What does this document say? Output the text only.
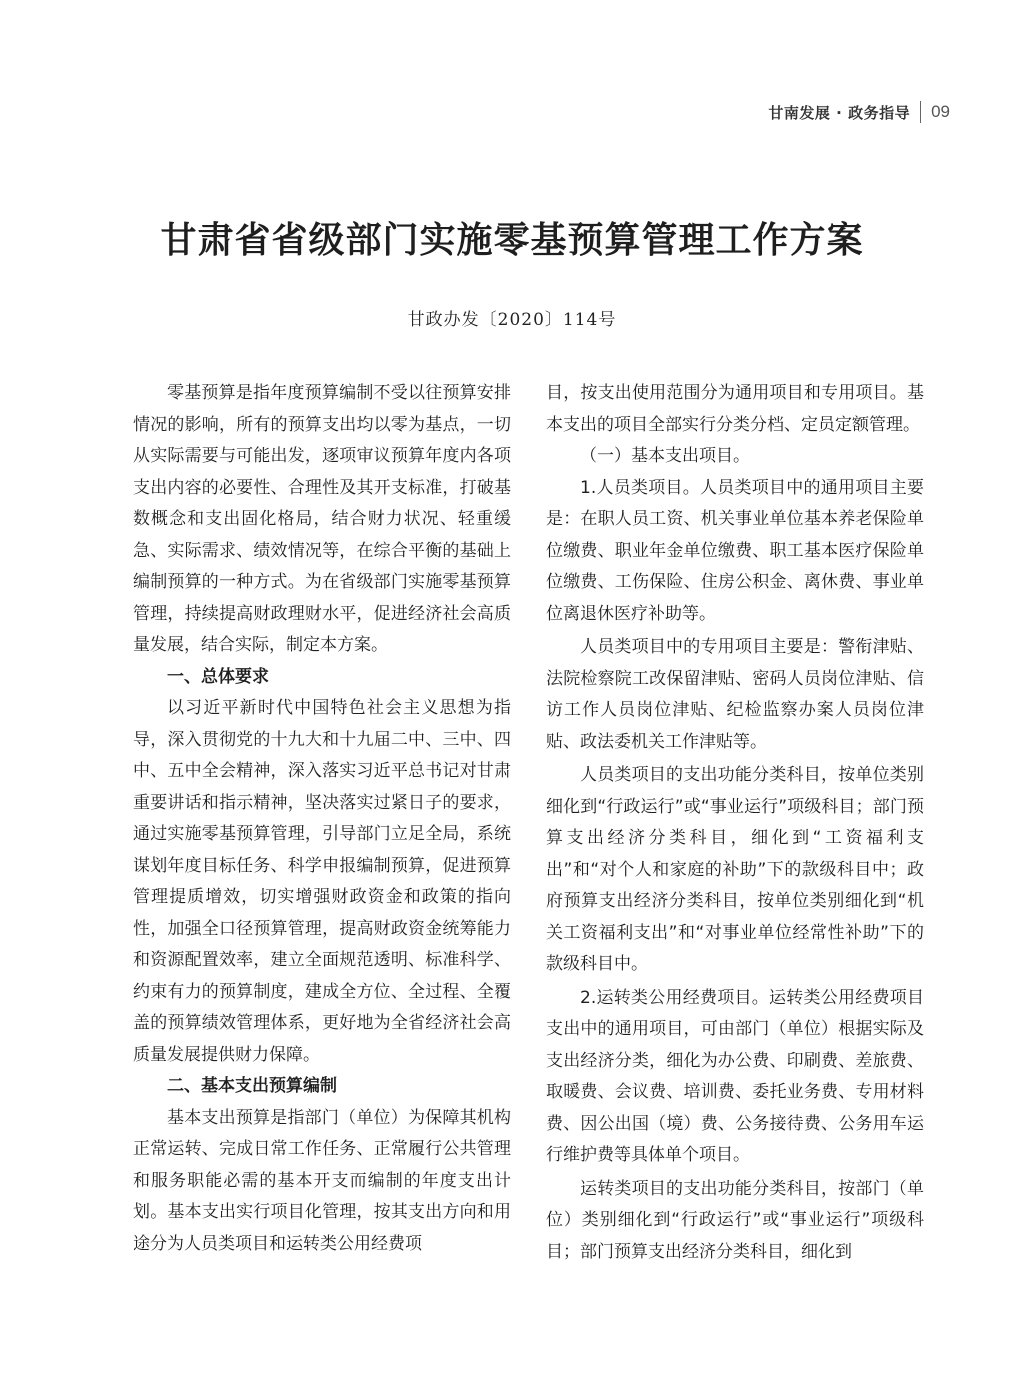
甘南发展 · 政务指导 09
甘肃省省级部门实施零基预算管理工作方案
甘政办发〔2020〕114号

零基预算是指年度预算编制不受以往预算安排情况的影响，所有的预算支出均以零为基点，一切从实际需要与可能出发，逐项审议预算年度内各项支出内容的必要性、合理性及其开支标准，打破基数概念和支出固化格局，结合财力状况、轻重缓急、实际需求、绩效情况等，在综合平衡的基础上编制预算的一种方式。为在省级部门实施零基预算管理，持续提高财政理财水平，促进经济社会高质量发展，结合实际，制定本方案。

一、总体要求

以习近平新时代中国特色社会主义思想为指导，深入贯彻党的十九大和十九届二中、三中、四中、五中全会精神，深入落实习近平总书记对甘肃重要讲话和指示精神，坚决落实过紧日子的要求，通过实施零基预算管理，引导部门立足全局，系统谋划年度目标任务、科学申报编制预算，促进预算管理提质增效，切实增强财政资金和政策的指向性，加强全口径预算管理，提高财政资金统筹能力和资源配置效率，建立全面规范透明、标准科学、约束有力的预算制度，建成全方位、全过程、全覆盖的预算绩效管理体系，更好地为全省经济社会高质量发展提供财力保障。

二、基本支出预算编制

基本支出预算是指部门（单位）为保障其机构正常运转、完成日常工作任务、正常履行公共管理和服务职能必需的基本开支而编制的年度支出计划。基本支出实行项目化管理，按其支出方向和用途分为人员类项目和运转类公用经费项

目，按支出使用范围分为通用项目和专用项目。基本支出的项目全部实行分类分档、定员定额管理。

（一）基本支出项目。

1.人员类项目。人员类项目中的通用项目主要是：在职人员工资、机关事业单位基本养老保险单位缴费、职业年金单位缴费、职工基本医疗保险单位缴费、工伤保险、住房公积金、离休费、事业单位离退休医疗补助等。

人员类项目中的专用项目主要是：警衔津贴、法院检察院工改保留津贴、密码人员岗位津贴、信访工作人员岗位津贴、纪检监察办案人员岗位津贴、政法委机关工作津贴等。

人员类项目的支出功能分类科目，按单位类别细化到“行政运行”或“事业运行”项级科目；部门预算支出经济分类科目，细化到“工资福利支出”和“对个人和家庭的补助”下的款级科目中；政府预算支出经济分类科目，按单位类别细化到“机关工资福利支出”和“对事业单位经常性补助”下的款级科目中。

2.运转类公用经费项目。运转类公用经费项目支出中的通用项目，可由部门（单位）根据实际及支出经济分类，细化为办公费、印刷费、差旅费、取暖费、会议费、培训费、委托业务费、专用材料费、因公出国（境）费、公务接待费、公务用车运行维护费等具体单个项目。

运转类项目的支出功能分类科目，按部门（单位）类别细化到“行政运行”或“事业运行”项级科目；部门预算支出经济分类科目，细化到
